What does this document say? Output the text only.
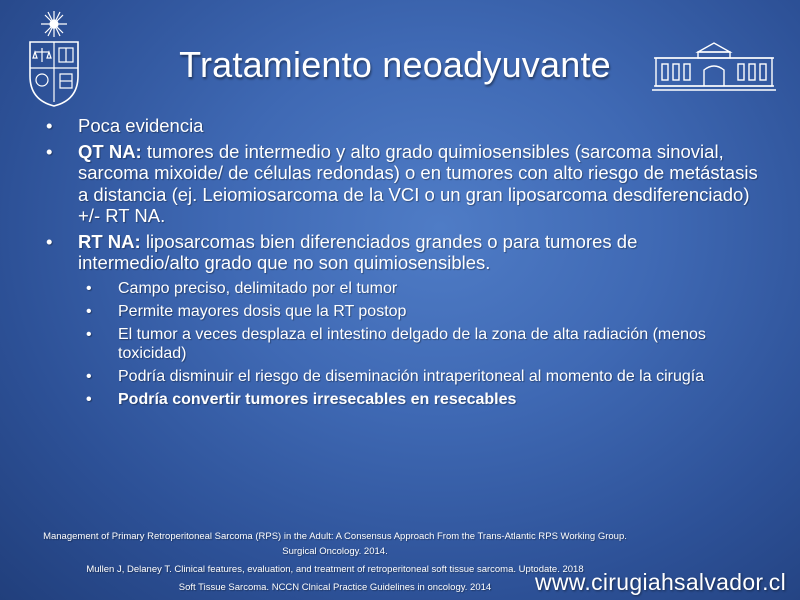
Tratamiento neoadyuvante
• Poca evidencia
• QT NA: tumores de intermedio y alto grado quimiosensibles (sarcoma sinovial, sarcoma mixoide/ de células redondas) o en tumores con alto riesgo de metástasis a distancia (ej. Leiomiosarcoma de la VCI o un gran liposarcoma desdiferenciado) +/- RT NA.
• RT NA: liposarcomas bien diferenciados grandes o para tumores de intermedio/alto grado que no son quimiosensibles.
• Campo preciso, delimitado por el tumor
• Permite mayores dosis que la RT postop
• El tumor a veces desplaza el intestino delgado de la zona de alta radiación (menos toxicidad)
• Podría disminuir el riesgo de diseminación intraperitoneal al momento de la cirugía
• Podría convertir tumores irresecables en resecables

Management of Primary Retroperitoneal Sarcoma (RPS) in the Adult: A Consensus Approach From the Trans-Atlantic RPS Working Group. Surgical Oncology. 2014.

Mullen J, Delaney T. Clinical features, evaluation, and treatment of retroperitoneal soft tissue sarcoma. Uptodate. 2018

Soft Tissue Sarcoma. NCCN Clnical Practice Guidelines in oncology. 2014	www.cirugiahsalvador.cl
